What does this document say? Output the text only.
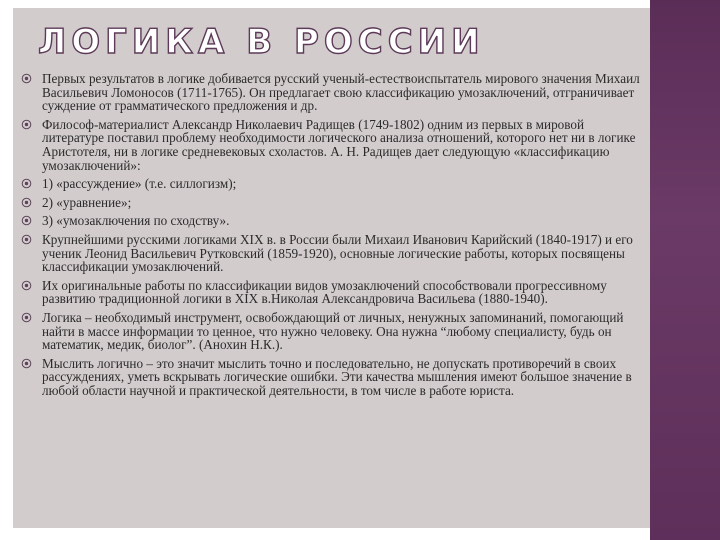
ЛОГИКА В РОССИИ
Первых результатов в логике добивается русский ученый-естествоиспытатель мирового значения Михаил Васильевич Ломоносов (1711-1765). Он предлагает свою классификацию умозаключений, отграничивает суждение от грамматического предложения и др.
Философ-материалист Александр Николаевич Радищев (1749-1802) одним из первых в мировой литературе поставил проблему необходимости логического анализа отношений, которого нет ни в логике Аристотеля, ни в логике средневековых схоластов. А. Н. Радищев дает следующую «классификацию умозаключений»:
1) «рассуждение» (т.е. силлогизм);
2) «уравнение»;
3) «умозаключения по сходству».
Крупнейшими русскими логиками XIX в. в России были Михаил Иванович Карийский (1840-1917) и его ученик Леонид Васильевич Рутковский (1859-1920), основные логические работы, которых посвящены классификации умозаключений.
Их оригинальные работы по классификации видов умозаключений способствовали прогрессивному развитию традиционной логики в XIX в.Николая Александровича Васильева (1880-1940).
Логика – необходимый инструмент, освобождающий от личных, ненужных запоминаний, помогающий найти в массе информации то ценное, что нужно человеку. Она нужна “любому специалисту, будь он математик, медик, биолог”. (Анохин Н.К.).
Мыслить логично – это значит мыслить точно и последовательно, не допускать противоречий в своих рассуждениях, уметь вскрывать логические ошибки. Эти качества мышления имеют большое значение в любой области научной и практической деятельности, в том числе в работе юриста.
